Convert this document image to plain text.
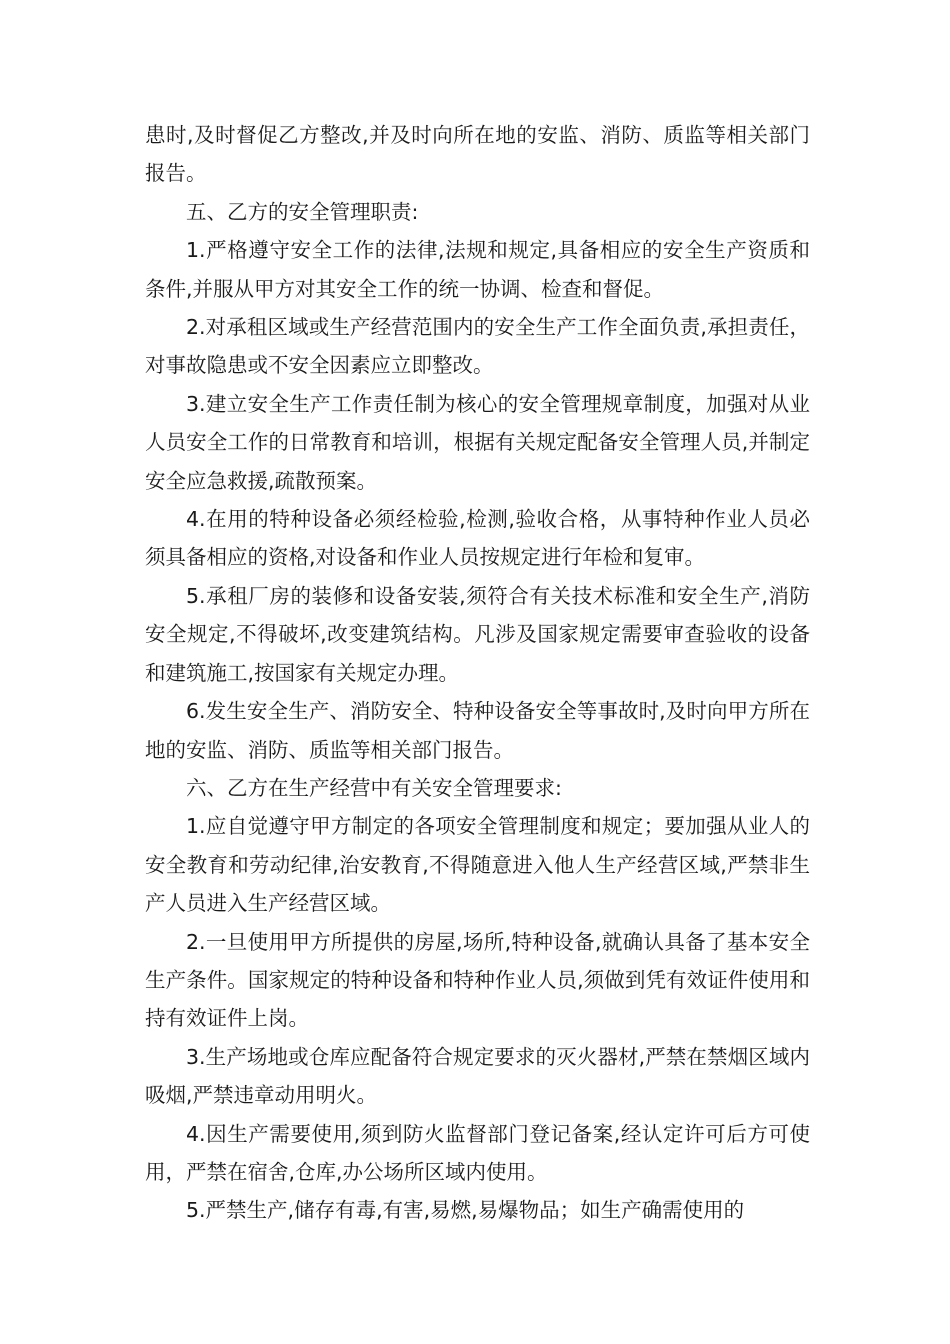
患时,及时督促乙方整改,并及时向所在地的安监、消防、质监等相关部门报告。

五、乙方的安全管理职责:

1.严格遵守安全工作的法律,法规和规定,具备相应的安全生产资质和条件,并服从甲方对其安全工作的统一协调、检查和督促。

2.对承租区域或生产经营范围内的安全生产工作全面负责,承担责任，对事故隐患或不安全因素应立即整改。

3.建立安全生产工作责任制为核心的安全管理规章制度，加强对从业人员安全工作的日常教育和培训，根据有关规定配备安全管理人员,并制定安全应急救援,疏散预案。

4.在用的特种设备必须经检验,检测,验收合格，从事特种作业人员必须具备相应的资格,对设备和作业人员按规定进行年检和复审。

5.承租厂房的装修和设备安装,须符合有关技术标准和安全生产,消防安全规定,不得破坏,改变建筑结构。凡涉及国家规定需要审查验收的设备和建筑施工,按国家有关规定办理。

6.发生安全生产、消防安全、特种设备安全等事故时,及时向甲方所在地的安监、消防、质监等相关部门报告。

六、乙方在生产经营中有关安全管理要求:

1.应自觉遵守甲方制定的各项安全管理制度和规定；要加强从业人的安全教育和劳动纪律,治安教育,不得随意进入他人生产经营区域,严禁非生产人员进入生产经营区域。

2.一旦使用甲方所提供的房屋,场所,特种设备,就确认具备了基本安全生产条件。国家规定的特种设备和特种作业人员,须做到凭有效证件使用和持有效证件上岗。

3.生产场地或仓库应配备符合规定要求的灭火器材,严禁在禁烟区域内吸烟,严禁违章动用明火。

4.因生产需要使用,须到防火监督部门登记备案,经认定许可后方可使用，严禁在宿舍,仓库,办公场所区域内使用。

5.严禁生产,储存有毒,有害,易燃,易爆物品；如生产确需使用的
